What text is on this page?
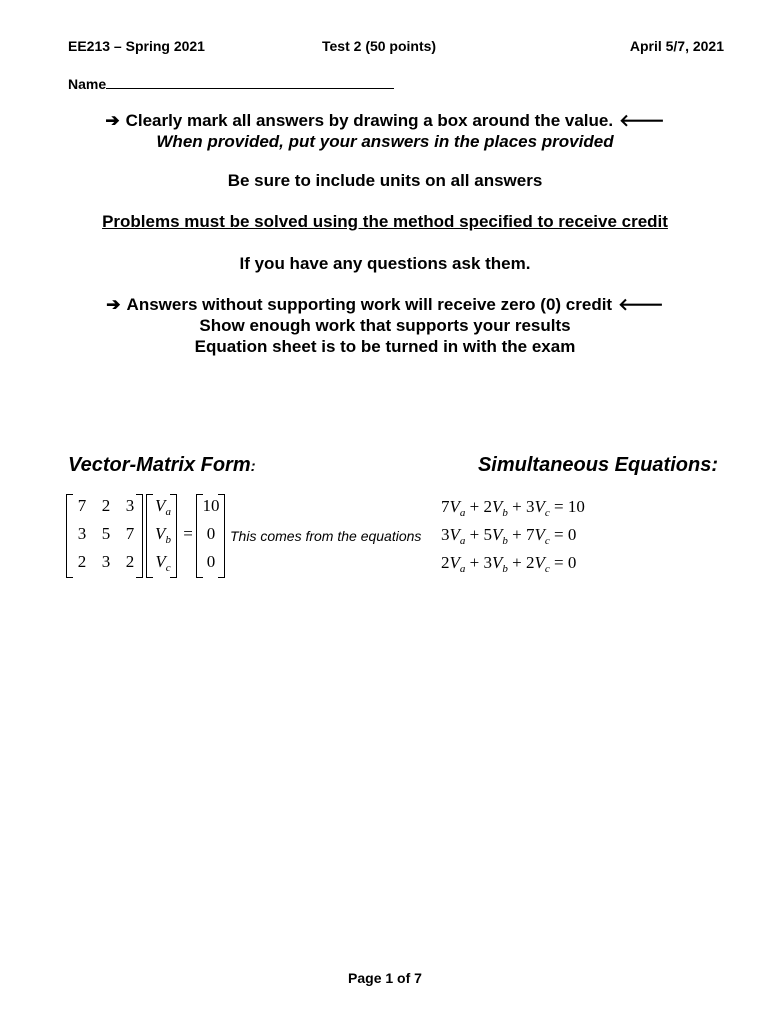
EE213 – Spring 2021	Test 2 (50 points)	April 5/7, 2021
Name
➔ Clearly mark all answers by drawing a box around the value. 🡐
When provided, put your answers in the places provided
Be sure to include units on all answers
Problems must be solved using the method specified to receive credit
If you have any questions ask them.
➔ Answers without supporting work will receive zero (0) credit 🡐
Show enough work that supports your results
Equation sheet is to be turned in with the exam
Vector-Matrix Form:	Simultaneous Equations:
7 2 3
3 5 7
2 3 2
$V_a$
$V_b$
$V_c$
=
10
0
0
This comes from the equations
$7V_a + 2V_b + 3V_c = 10$
$3V_a + 5V_b + 7V_c = 0$
$2V_a + 3V_b + 2V_c = 0$
Page 1 of 7
